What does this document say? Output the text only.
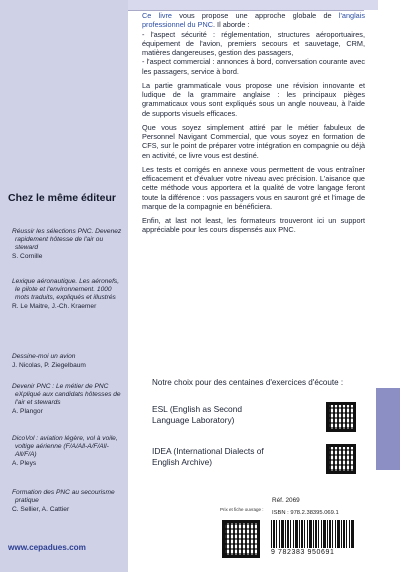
Chez le même éditeur
Réussir les sélections PNC. Devenez rapidement hôtesse de l'air ou steward
S. Cornille
Lexique aéronautique. Les aéronefs, le pilote et l'environnement. 1000 mots traduits, expliqués et illustrés
R. Le Maitre, J.-Ch. Kraemer
Dessine-moi un avion
J. Nicolas, P. Ziegelbaum
Devenir PNC : Le métier de PNC eXpliqué aux candidats hôtesses de l'air et stewards
A. Plangor
DicoVol : aviation légère, vol à voile, voltige aérienne (F/A/All-A/F/All-All/F/A)
A. Pleys
Formation des PNC au secourisme pratique
C. Sellier, A. Cattier
www.cepadues.com

Ce livre vous propose une approche globale de l'anglais professionnel du PNC. Il aborde :
- l'aspect sécurité : réglementation, structures aéroportuaires, équipement de l'avion, premiers secours et sauvetage, CRM, matières dangereuses, gestion des passagers,
- l'aspect commercial : annonces à bord, conversation courante avec les passagers, service à bord.

La partie grammaticale vous propose une révision innovante et ludique de la grammaire anglaise : les principaux pièges grammaticaux vous sont expliqués sous un angle nouveau, à l'aide de supports visuels efficaces.

Que vous soyez simplement attiré par le métier fabuleux de Personnel Navigant Commercial, que vous soyez en formation de CFS, sur le point de préparer votre intégration en compagnie ou déjà en activité, ce livre vous est destiné.

Les tests et corrigés en annexe vous permettent de vous entraîner efficacement et d'évaluer votre niveau avec précision. L'aisance que cette méthode vous apportera et la qualité de votre langage feront toute la différence : vos passagers vous en sauront gré et l'image de marque de la compagnie en bénéficiera.

Enfin, at last not least, les formateurs trouveront ici un support appréciable pour les cours dispensés aux PNC.

Notre choix pour des centaines d'exercices d'écoute :
ESL (English as Second Language Laboratory)
IDEA (International Dialects of English Archive)
Prix et fiche ouvrage :
Réf. 2069
ISBN : 978.2.38395.069.1
9 782383 950691
